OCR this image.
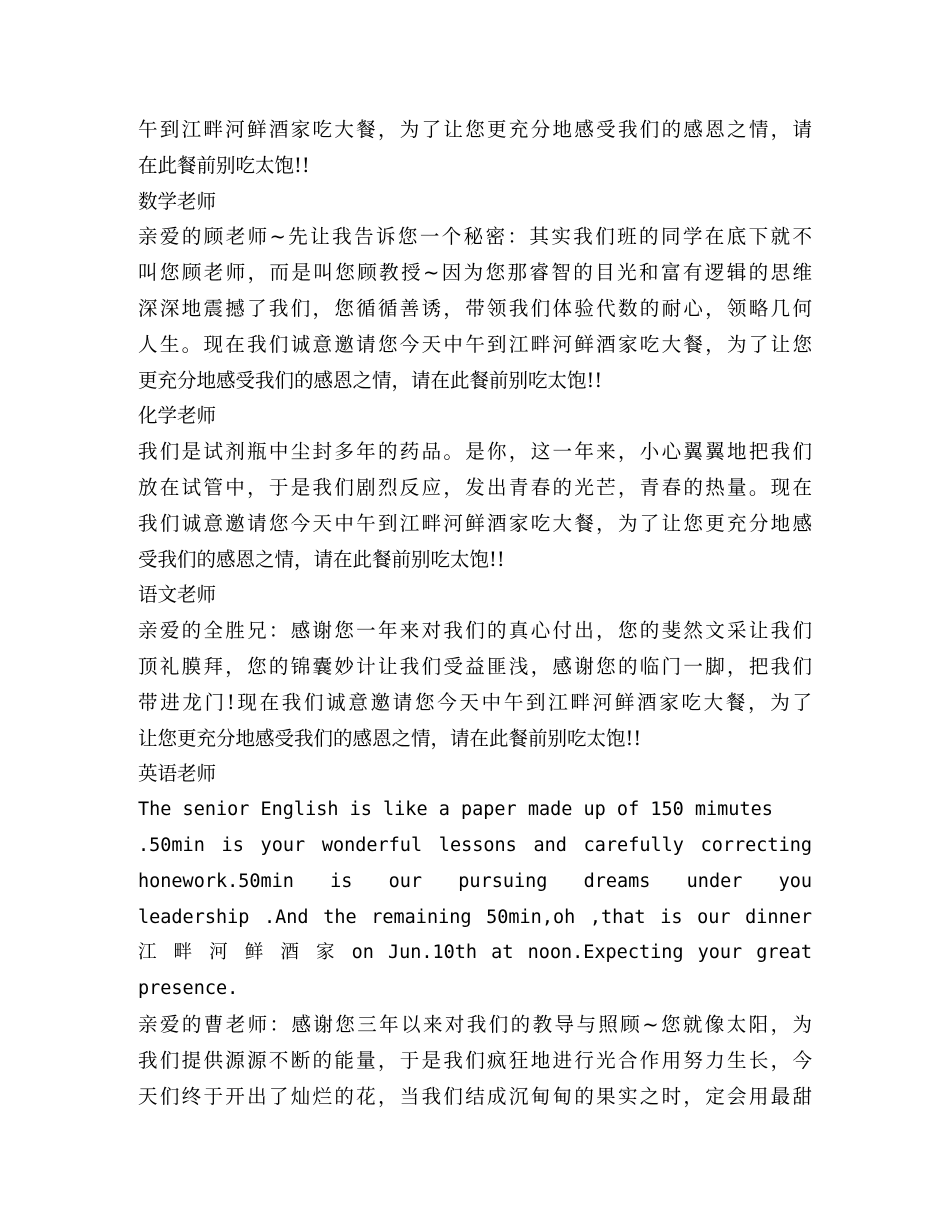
午到江畔河鲜酒家吃大餐，为了让您更充分地感受我们的感恩之情，请
在此餐前别吃太饱!!
数学老师
亲爱的顾老师~先让我告诉您一个秘密：其实我们班的同学在底下就不
叫您顾老师，而是叫您顾教授~因为您那睿智的目光和富有逻辑的思维
深深地震撼了我们，您循循善诱，带领我们体验代数的耐心，领略几何
人生。现在我们诚意邀请您今天中午到江畔河鲜酒家吃大餐，为了让您
更充分地感受我们的感恩之情，请在此餐前别吃太饱!!
化学老师
我们是试剂瓶中尘封多年的药品。是你，这一年来，小心翼翼地把我们
放在试管中，于是我们剧烈反应，发出青春的光芒，青春的热量。现在
我们诚意邀请您今天中午到江畔河鲜酒家吃大餐，为了让您更充分地感
受我们的感恩之情，请在此餐前别吃太饱!!
语文老师
亲爱的全胜兄：感谢您一年来对我们的真心付出，您的斐然文采让我们
顶礼膜拜，您的锦囊妙计让我们受益匪浅，感谢您的临门一脚，把我们
带进龙门!现在我们诚意邀请您今天中午到江畔河鲜酒家吃大餐，为了
让您更充分地感受我们的感恩之情，请在此餐前别吃太饱!!
英语老师
The senior English is like a paper made up of 150 mimutes
.50min is your wonderful lessons and carefully correcting
honework.50min is our pursuing dreams under you
leadership .And the remaining 50min,oh ,that is our dinner
江 畔 河 鲜 酒 家 on Jun.10th at noon.Expecting your great
presence.
亲爱的曹老师：感谢您三年以来对我们的教导与照顾~您就像太阳，为
我们提供源源不断的能量，于是我们疯狂地进行光合作用努力生长，今
天们终于开出了灿烂的花，当我们结成沉甸甸的果实之时，定会用最甜
